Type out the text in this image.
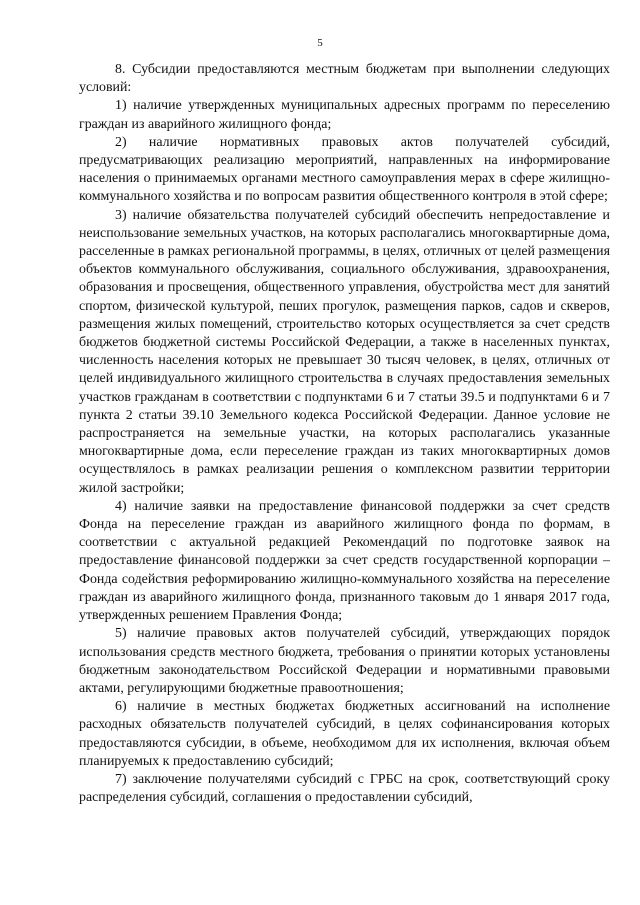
5

8. Субсидии предоставляются местным бюджетам при выполнении следующих условий:

1) наличие утвержденных муниципальных адресных программ по переселению граждан из аварийного жилищного фонда;

2) наличие нормативных правовых актов получателей субсидий, предусматривающих реализацию мероприятий, направленных на информирование населения о принимаемых органами местного самоуправления мерах в сфере жилищно-коммунального хозяйства и по вопросам развития общественного контроля в этой сфере;

3) наличие обязательства получателей субсидий обеспечить непредоставление и неиспользование земельных участков, на которых располагались многоквартирные дома, расселенные в рамках региональной программы, в целях, отличных от целей размещения объектов коммунального обслуживания, социального обслуживания, здравоохранения, образования и просвещения, общественного управления, обустройства мест для занятий спортом, физической культурой, пеших прогулок, размещения парков, садов и скверов, размещения жилых помещений, строительство которых осуществляется за счет средств бюджетов бюджетной системы Российской Федерации, а также в населенных пунктах, численность населения которых не превышает 30 тысяч человек, в целях, отличных от целей индивидуального жилищного строительства в случаях предоставления земельных участков гражданам в соответствии с подпунктами 6 и 7 статьи 39.5 и подпунктами 6 и 7 пункта 2 статьи 39.10 Земельного кодекса Российской Федерации. Данное условие не распространяется на земельные участки, на которых располагались указанные многоквартирные дома, если переселение граждан из таких многоквартирных домов осуществлялось в рамках реализации решения о комплексном развитии территории жилой застройки;

4) наличие заявки на предоставление финансовой поддержки за счет средств Фонда на переселение граждан из аварийного жилищного фонда по формам, в соответствии с актуальной редакцией Рекомендаций по подготовке заявок на предоставление финансовой поддержки за счет средств государственной корпорации – Фонда содействия реформированию жилищно-коммунального хозяйства на переселение граждан из аварийного жилищного фонда, признанного таковым до 1 января 2017 года, утвержденных решением Правления Фонда;

5) наличие правовых актов получателей субсидий, утверждающих порядок использования средств местного бюджета, требования о принятии которых установлены бюджетным законодательством Российской Федерации и нормативными правовыми актами, регулирующими бюджетные правоотношения;

6) наличие в местных бюджетах бюджетных ассигнований на исполнение расходных обязательств получателей субсидий, в целях софинансирования которых предоставляются субсидии, в объеме, необходимом для их исполнения, включая объем планируемых к предоставлению субсидий;

7) заключение получателями субсидий с ГРБС на срок, соответствующий сроку распределения субсидий, соглашения о предоставлении субсидий,
